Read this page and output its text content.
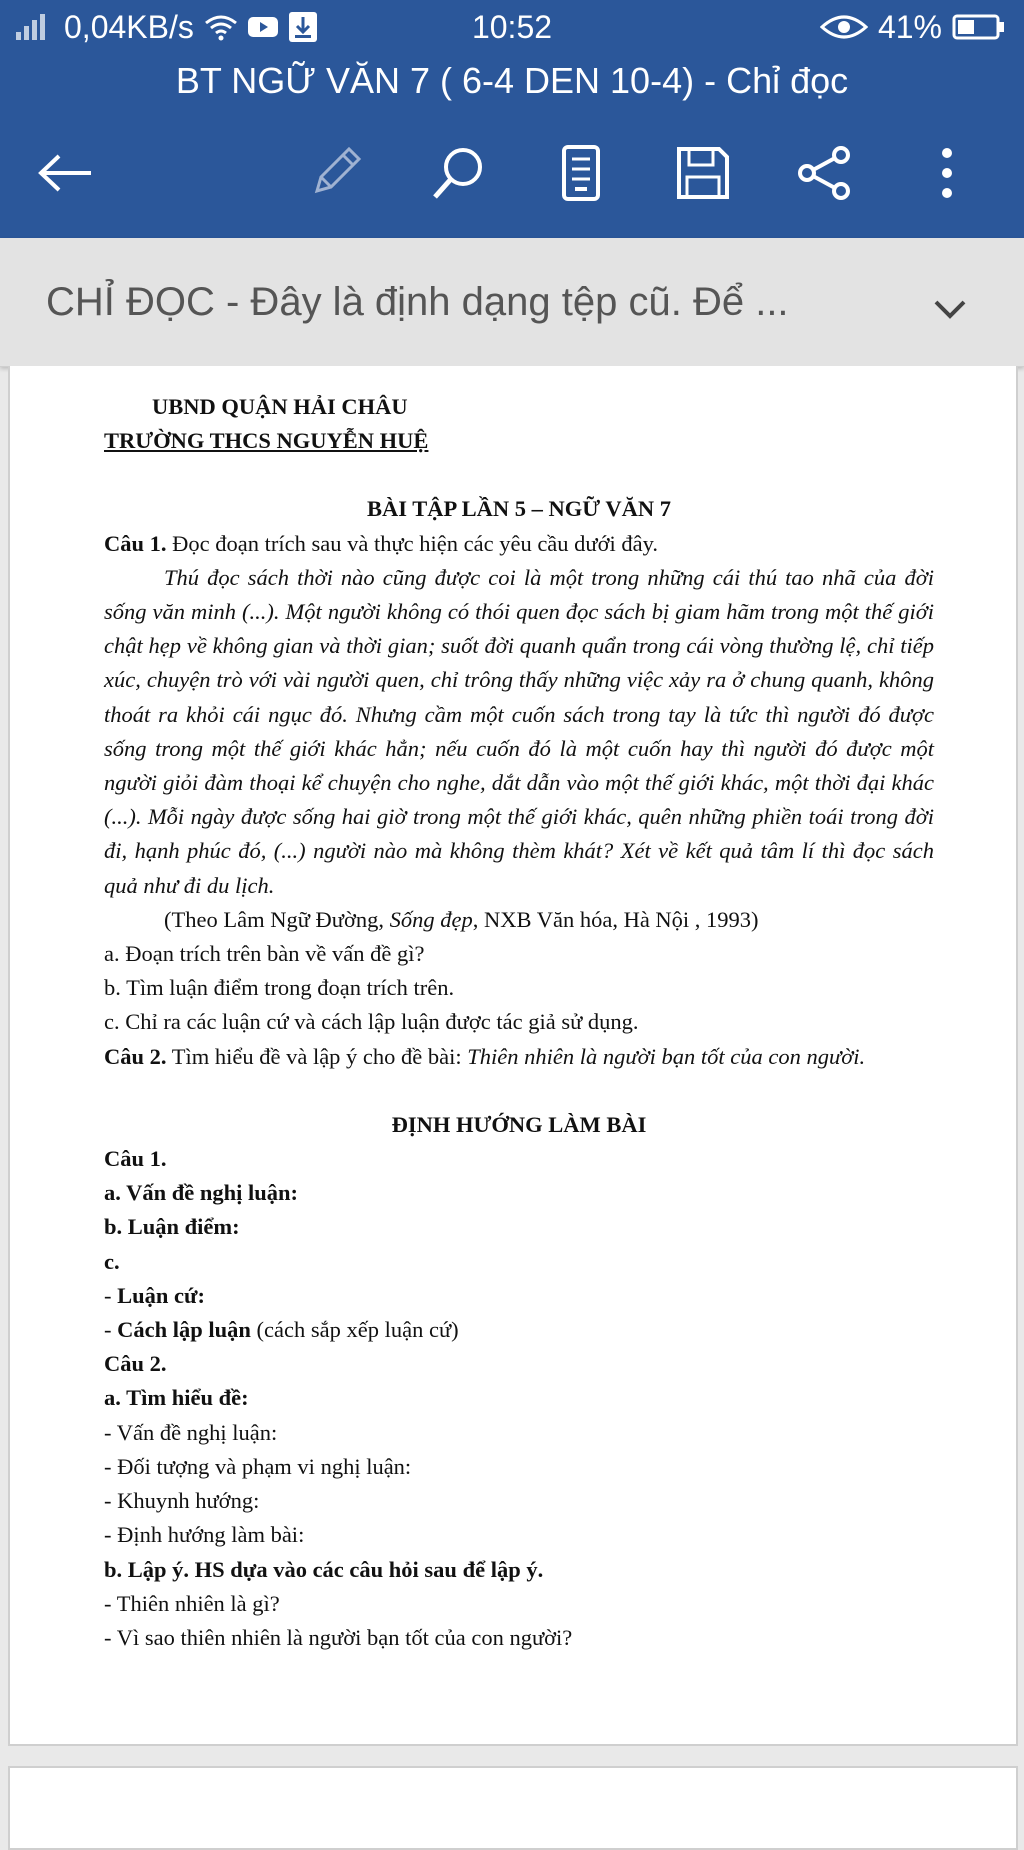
0,04KB/s	10:52	41%
BT NGỮ VĂN 7 ( 6-4 DEN 10-4) - Chỉ đọc
CHỈ ĐỌC - Đây là định dạng tệp cũ. Để ...

UBND QUẬN HẢI CHÂU

TRƯỜNG THCS NGUYỄN HUỆ

BÀI TẬP LẦN 5 – NGỮ VĂN 7

Câu 1. Đọc đoạn trích sau và thực hiện các yêu cầu dưới đây.

Thú đọc sách thời nào cũng được coi là một trong những cái thú tao nhã của đời sống văn minh (...). Một người không có thói quen đọc sách bị giam hãm trong một thế giới chật hẹp về không gian và thời gian; suốt đời quanh quẩn trong cái vòng thường lệ, chỉ tiếp xúc, chuyện trò với vài người quen, chỉ trông thấy những việc xảy ra ở chung quanh, không thoát ra khỏi cái ngục đó. Nhưng cầm một cuốn sách trong tay là tức thì người đó được sống trong một thế giới khác hẳn; nếu cuốn đó là một cuốn hay thì người đó được một người giỏi đàm thoại kể chuyện cho nghe, dắt dẫn vào một thế giới khác, một thời đại khác (...). Mỗi ngày được sống hai giờ trong một thế giới khác, quên những phiền toái trong đời đi, hạnh phúc đó, (...) người nào mà không thèm khát? Xét về kết quả tâm lí thì đọc sách quả như đi du lịch.

(Theo Lâm Ngữ Đường, Sống đẹp, NXB Văn hóa, Hà Nội , 1993)

a. Đoạn trích trên bàn về vấn đề gì?

b. Tìm luận điểm trong đoạn trích trên.

c. Chỉ ra các luận cứ và cách lập luận được tác giả sử dụng.

Câu 2. Tìm hiểu đề và lập ý cho đề bài: Thiên nhiên là người bạn tốt của con người.

ĐỊNH HƯỚNG LÀM BÀI

Câu 1.

a. Vấn đề nghị luận:

b. Luận điểm:

c.

- Luận cứ:

- Cách lập luận (cách sắp xếp luận cứ)

Câu 2.

a. Tìm hiểu đề:

- Vấn đề nghị luận:

- Đối tượng và phạm vi nghị luận:

- Khuynh hướng:

- Định hướng làm bài:

b. Lập ý. HS dựa vào các câu hỏi sau để lập ý.

- Thiên nhiên là gì?

- Vì sao thiên nhiên là người bạn tốt của con người?
